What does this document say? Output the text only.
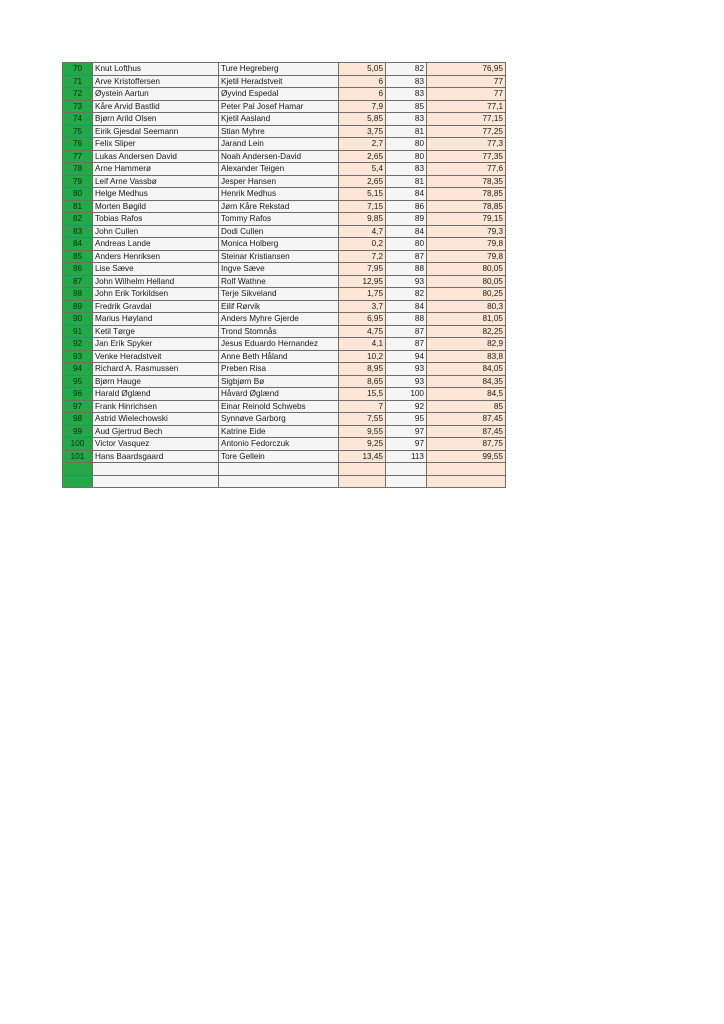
70	Knut Lofthus	Ture Hegreberg	5,05	82	76,95
71	Arve Kristoffersen	Kjetil Heradstveit	6	83	77
72	Øystein Aartun	Øyvind Espedal	6	83	77
73	Kåre Arvid Bastlid	Peter Pal Josef Hamar	7,9	85	77,1
74	Bjørn Arild Olsen	Kjetil Aasland	5,85	83	77,15
75	Eirik Gjesdal Seemann	Stian Myhre	3,75	81	77,25
76	Felix Sliper	Jarand Lein	2,7	80	77,3
77	Lukas Andersen David	Noah Andersen-David	2,65	80	77,35
78	Arne Hammerø	Alexander Teigen	5,4	83	77,6
79	Leif Arne Vassbø	Jesper Hansen	2,65	81	78,35
80	Helge Medhus	Henrik Medhus	5,15	84	78,85
81	Morten Bøgild	Jørn Kåre Rekstad	7,15	86	78,85
82	Tobias Rafos	Tommy Rafos	9,85	89	79,15
83	John Cullen	Dodi Cullen	4,7	84	79,3
84	Andreas Lande	Monica Holberg	0,2	80	79,8
85	Anders Henriksen	Steinar Kristiansen	7,2	87	79,8
86	Lise Sæve	Ingve Sæve	7,95	88	80,05
87	John Wilhelm Helland	Rolf Wathne	12,95	93	80,05
88	John Erik Torkildsen	Terje Sikveland	1,75	82	80,25
89	Fredrik Gravdal	Eilif Rørvik	3,7	84	80,3
90	Marius Høyland	Anders Myhre Gjerde	6,95	88	81,05
91	Ketil Tørge	Trond Stomnås	4,75	87	82,25
92	Jan Erik Spyker	Jesus Eduardo Hernandez	4,1	87	82,9
93	Venke Heradstveit	Anne Beth Håland	10,2	94	83,8
94	Richard A. Rasmussen	Preben Risa	8,95	93	84,05
95	Bjørn Hauge	Sigbjørn Bø	8,65	93	84,35
96	Harald Øglænd	Håvard Øglænd	15,5	100	84,5
97	Frank Hinrichsen	Einar Reinold Schwebs	7	92	85
98	Astrid Wielechowski	Synnøve Garborg	7,55	95	87,45
99	Aud Gjertrud Bech	Katrine Eide	9,55	97	87,45
100	Victor Vasquez	Antonio Fedorczuk	9,25	97	87,75
101	Hans Baardsgaard	Tore Gellein	13,45	113	99,55
